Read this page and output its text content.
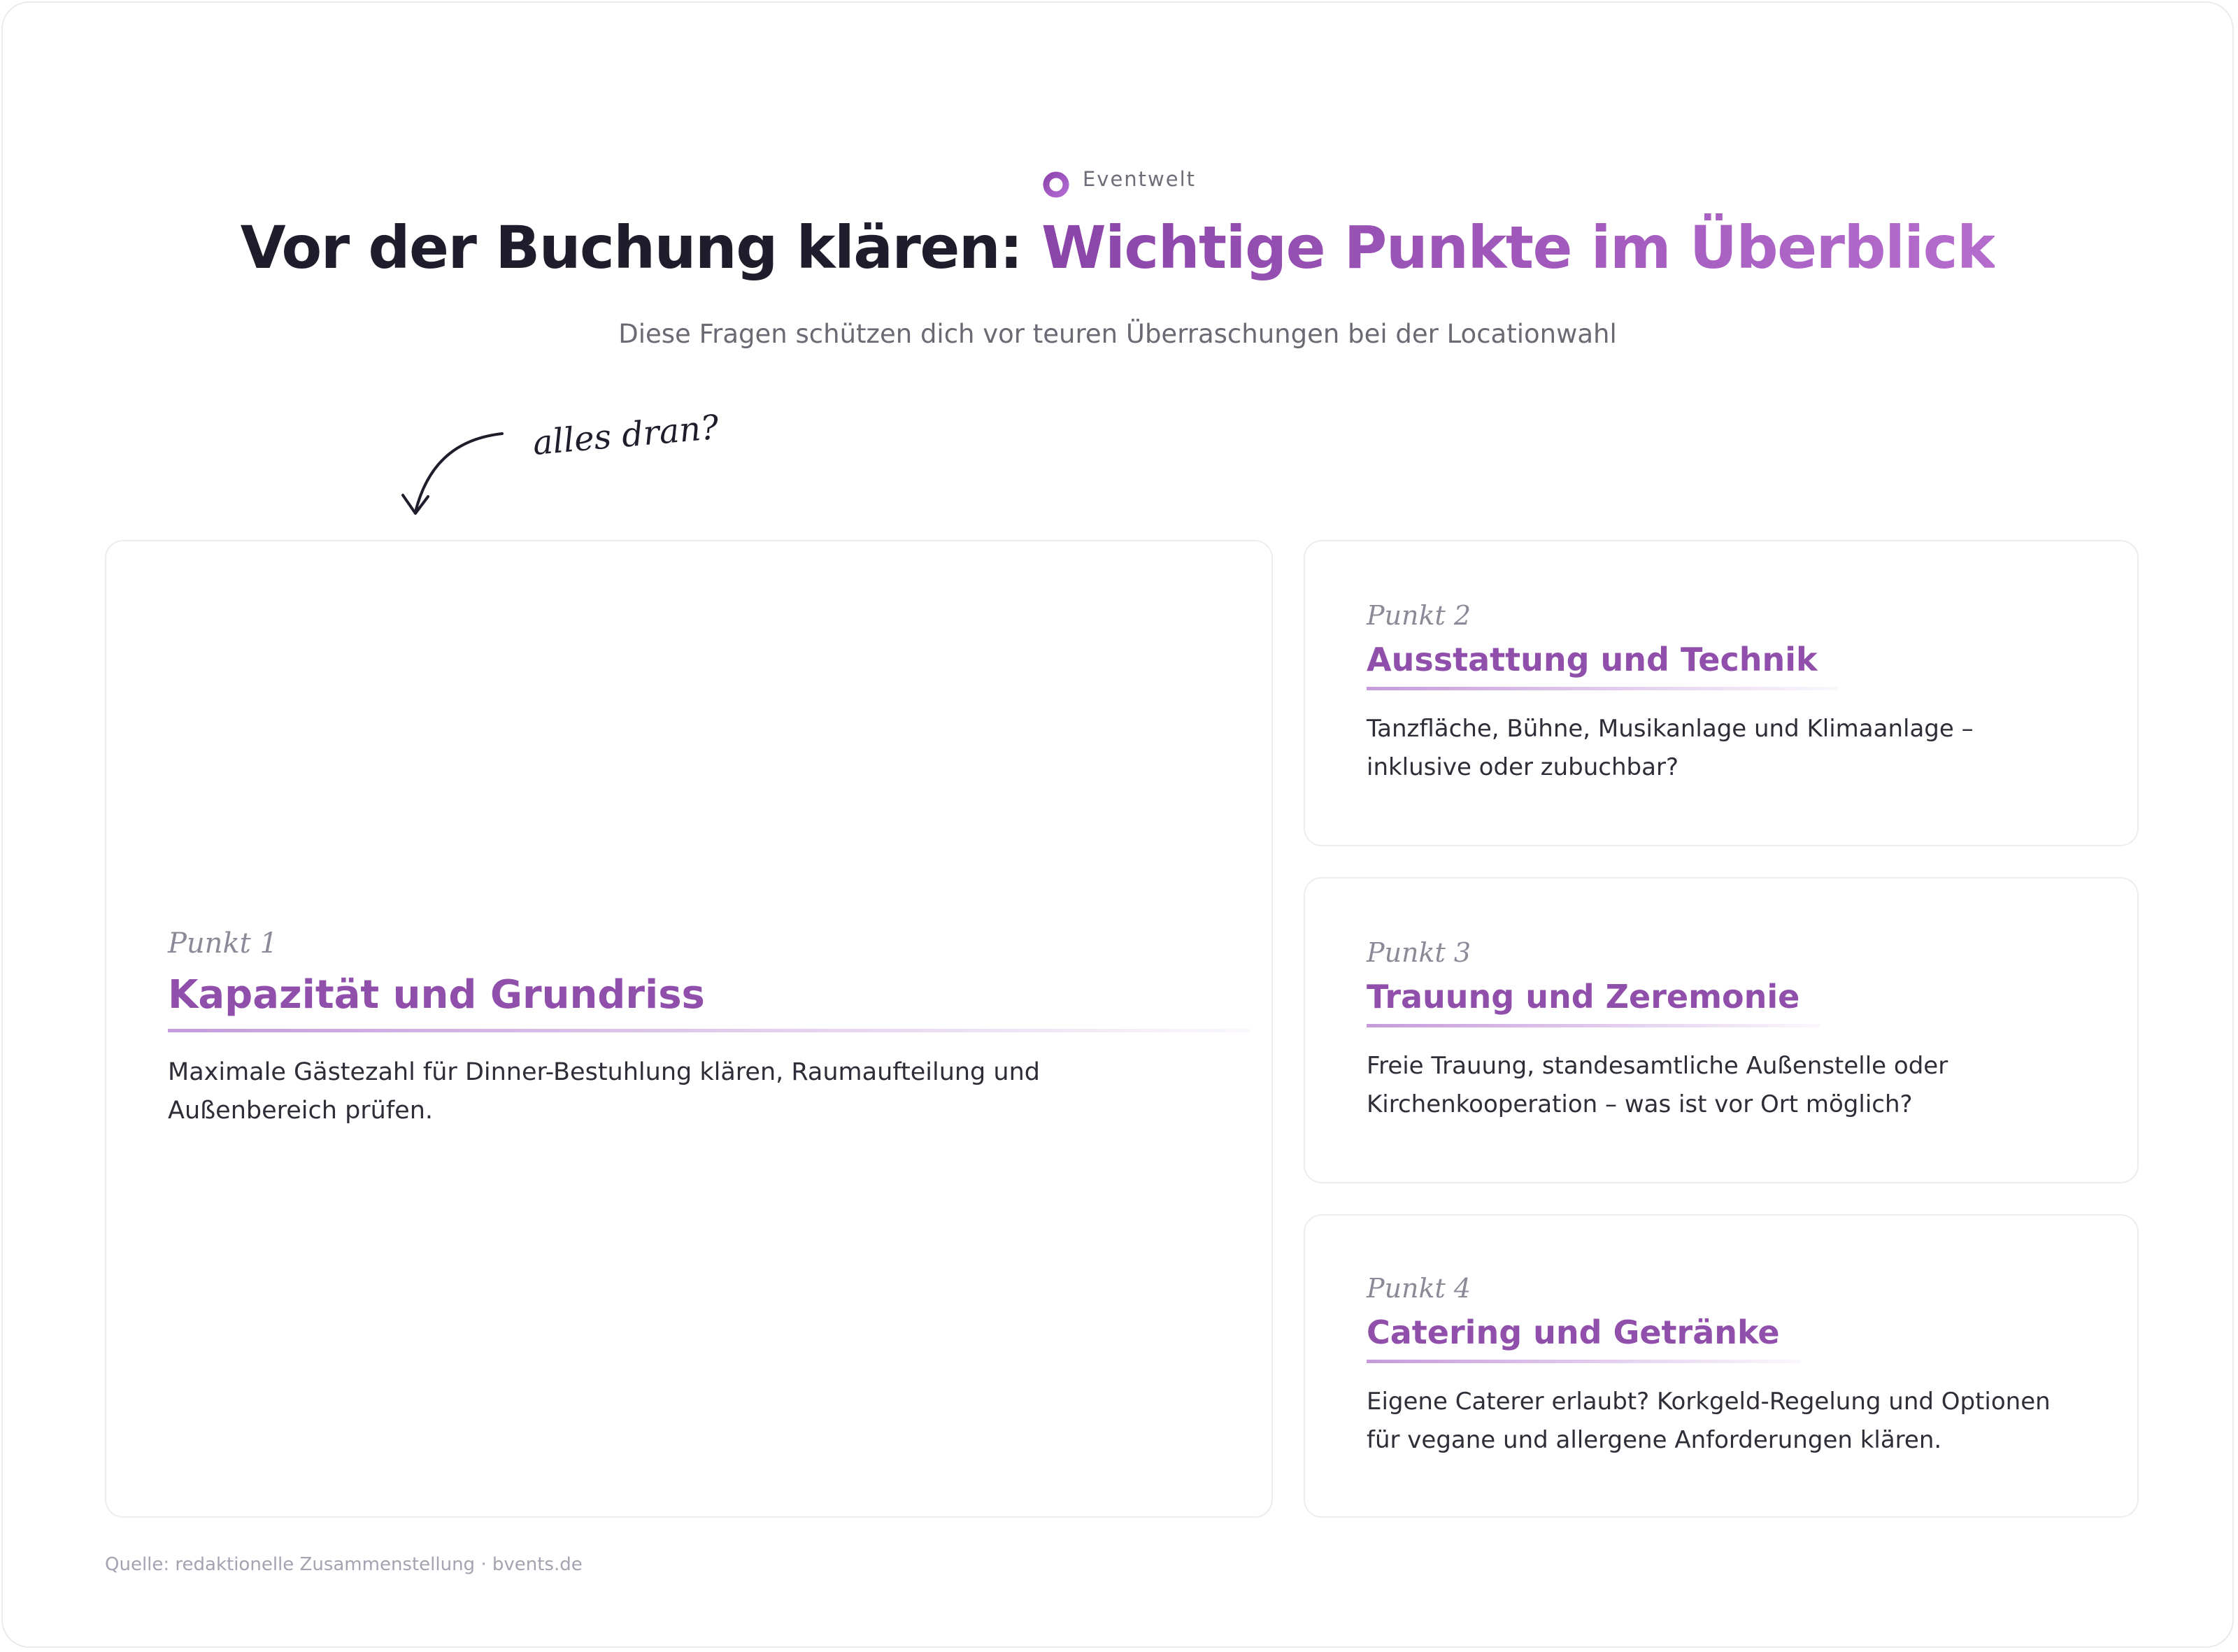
Eventwelt
Vor der Buchung klären: Wichtige Punkte im Überblick
Diese Fragen schützen dich vor teuren Überraschungen bei der Locationwahl
alles dran?
Punkt 1
Kapazität und Grundriss
Maximale Gästezahl für Dinner-Bestuhlung klären, Raumaufteilung und Außenbereich prüfen.
Punkt 2
Ausstattung und Technik
Tanzfläche, Bühne, Musikanlage und Klimaanlage – inklusive oder zubuchbar?
Punkt 3
Trauung und Zeremonie
Freie Trauung, standesamtliche Außenstelle oder Kirchenkooperation – was ist vor Ort möglich?
Punkt 4
Catering und Getränke
Eigene Caterer erlaubt? Korkgeld-Regelung und Optionen für vegane und allergene Anforderungen klären.
Quelle: redaktionelle Zusammenstellung · bvents.de
